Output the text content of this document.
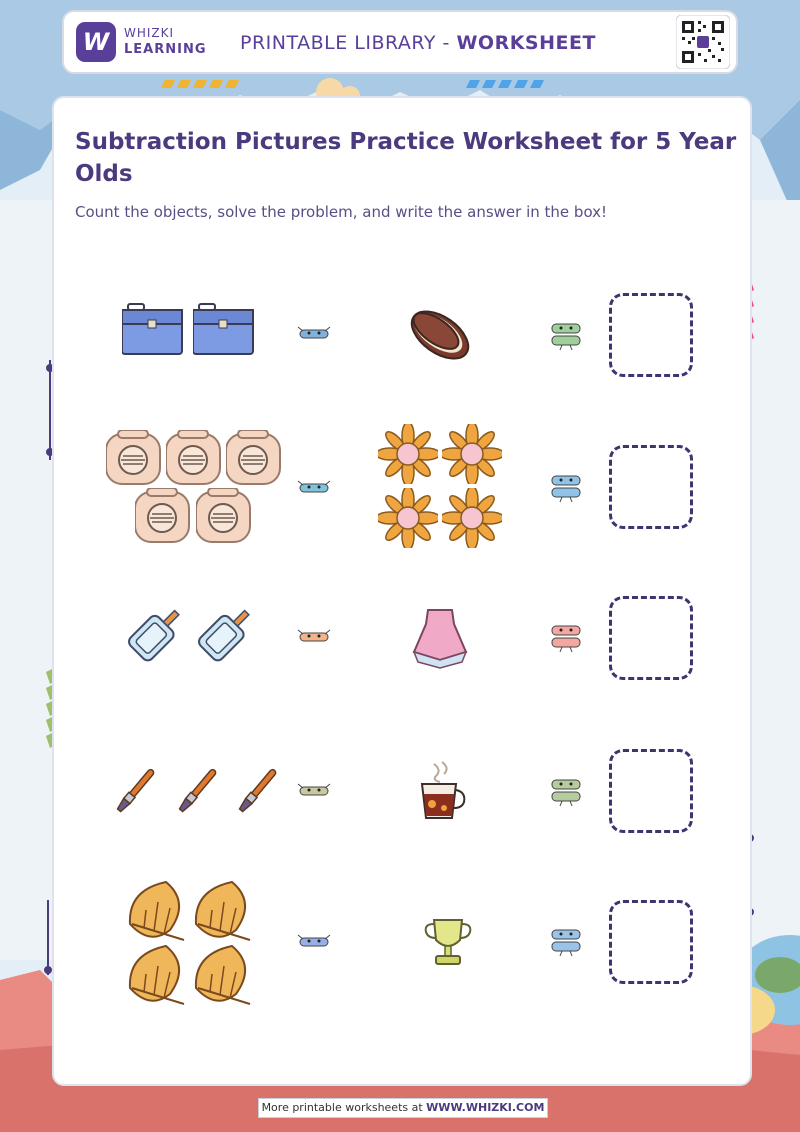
W	WHIZKI
LEARNING PRINTABLE LIBRARY - WORKSHEET
Subtraction Pictures Practice Worksheet for 5 Year Olds
Count the objects, solve the problem, and write the answer in the box!
More printable worksheets at WWW.WHIZKI.COM
